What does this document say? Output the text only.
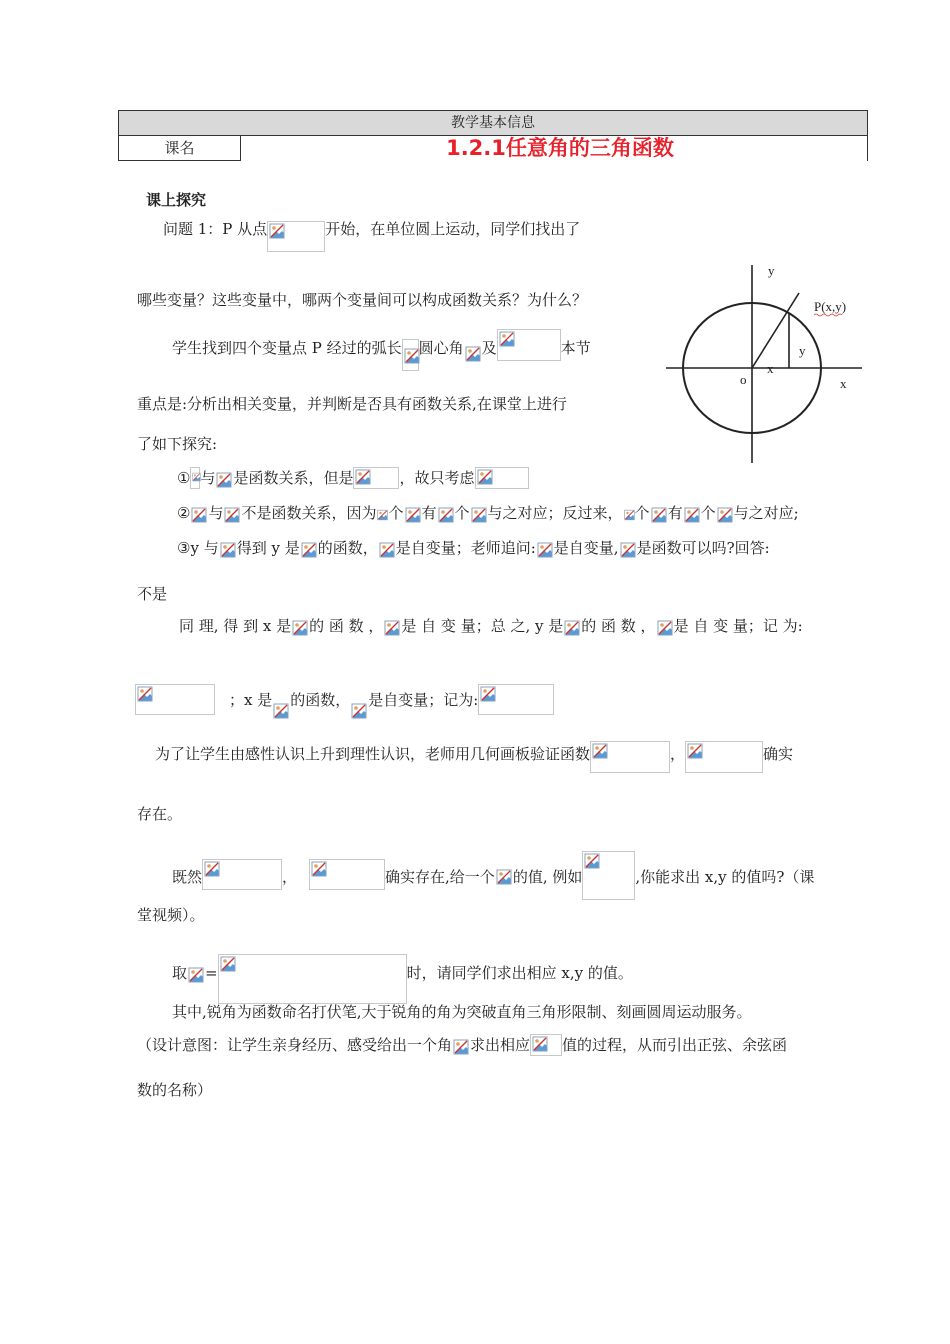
教学基本信息
课名	1.2.1任意角的三角函数
课上探究
问题 1：P 从点	开始，在单位圆上运动，同学们找出了
哪些变量？这些变量中，哪两个变量间可以构成函数关系？为什么？
学生找到四个变量点 P 经过的弧长 圆心角 及	本节
重点是:分析出相关变量，并判断是否具有函数关系,在课堂上进行
了如下探究:
① 与 是函数关系，但是	，故只考虑
② 与 不是函数关系，因为 个 有 个 与之对应；反过来， 个 有 个 与之对应;
③y 与 得到 y 是 的函数， 是自变量；老师追问: 是自变量, 是函数可以吗?回答:
不是
同 理, 得 到 x 是 的 函 数 ， 是 自 变 量；总 之, y 是 的 函 数 ， 是 自 变 量；记 为:
；x 是 的函数， 是自变量；记为:
为了让学生由感性认识上升到理性认识，老师用几何画板验证函数	，	确实
存在。
既然	，	确实存在,给一个 的值, 例如	,你能求出 x,y 的值吗?（课
堂视频）。
取 =	时，请同学们求出相应 x,y 的值。
其中,锐角为函数命名打伏笔,大于锐角的角为突破直角三角形限制、刻画圆周运动服务。
（设计意图：让学生亲身经历、感受给出一个角 求出相应 值的过程，从而引出正弦、余弦函
数的名称）
y
x
o
P(x,y)
y
x
